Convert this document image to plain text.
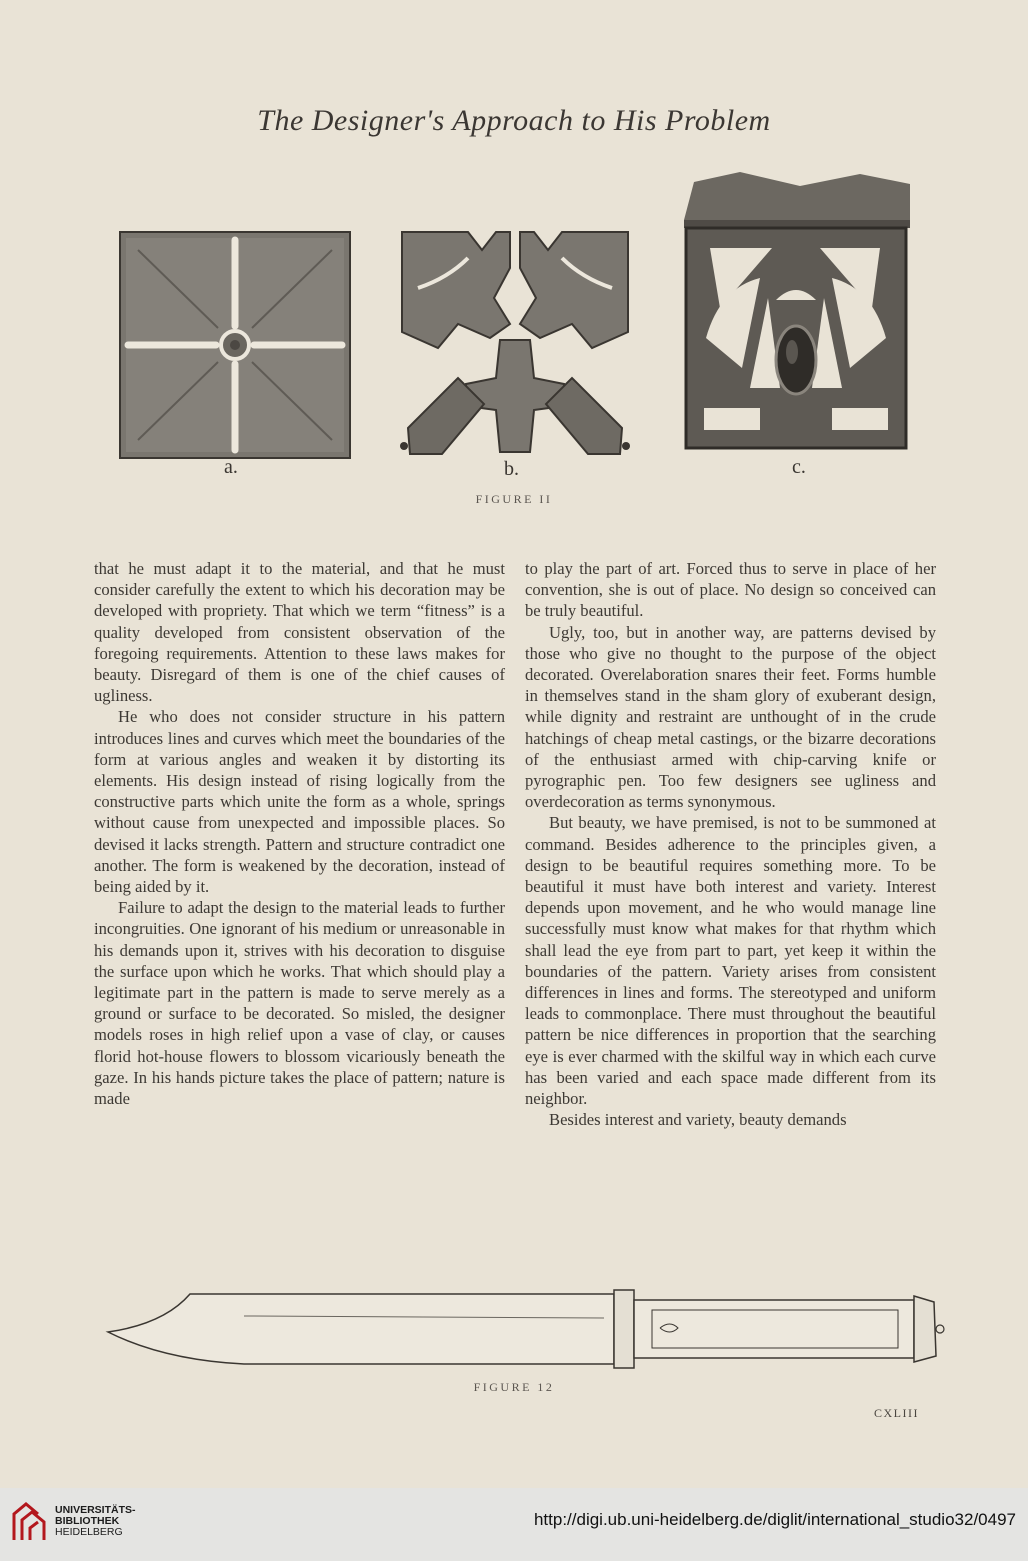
The Designer's Approach to His Problem
a.	b.	c.
FIGURE II

that he must adapt it to the material, and that he must consider carefully the extent to which his decoration may be developed with propriety. That which we term “fitness” is a quality developed from consistent observation of the foregoing requirements. Attention to these laws makes for beauty. Disregard of them is one of the chief causes of ugliness.

He who does not consider structure in his pattern introduces lines and curves which meet the boundaries of the form at various angles and weaken it by distorting its elements. His design instead of rising logically from the constructive parts which unite the form as a whole, springs without cause from unexpected and impossible places. So devised it lacks strength. Pattern and structure contradict one another. The form is weakened by the decoration, instead of being aided by it.

Failure to adapt the design to the material leads to further incongruities. One ignorant of his medium or unreasonable in his demands upon it, strives with his decoration to disguise the surface upon which he works. That which should play a legitimate part in the pattern is made to serve merely as a ground or surface to be decorated. So misled, the designer models roses in high relief upon a vase of clay, or causes florid hot-house flowers to blossom vicariously beneath the gaze. In his hands picture takes the place of pattern; nature is made

to play the part of art. Forced thus to serve in place of her convention, she is out of place. No design so conceived can be truly beautiful.

Ugly, too, but in another way, are patterns devised by those who give no thought to the purpose of the object decorated. Overelaboration snares their feet. Forms humble in themselves stand in the sham glory of exuberant design, while dignity and restraint are unthought of in the crude hatchings of cheap metal castings, or the bizarre decorations of the enthusiast armed with chip-carving knife or pyrographic pen. Too few designers see ugliness and overdecoration as terms synonymous.

But beauty, we have premised, is not to be summoned at command. Besides adherence to the principles given, a design to be beautiful requires something more. To be beautiful it must have both interest and variety. Interest depends upon movement, and he who would manage line successfully must know what makes for that rhythm which shall lead the eye from part to part, yet keep it within the boundaries of the pattern. Variety arises from consistent differences in lines and forms. The stereotyped and uniform leads to commonplace. There must throughout the beautiful pattern be nice differences in proportion that the searching eye is ever charmed with the skilful way in which each curve has been varied and each space made different from its neighbor.

Besides interest and variety, beauty demands

FIGURE 12
CXLIII
UNIVERSITÄTS-
BIBLIOTHEK
HEIDELBERG
http://digi.ub.uni-heidelberg.de/diglit/international_studio32/0497
